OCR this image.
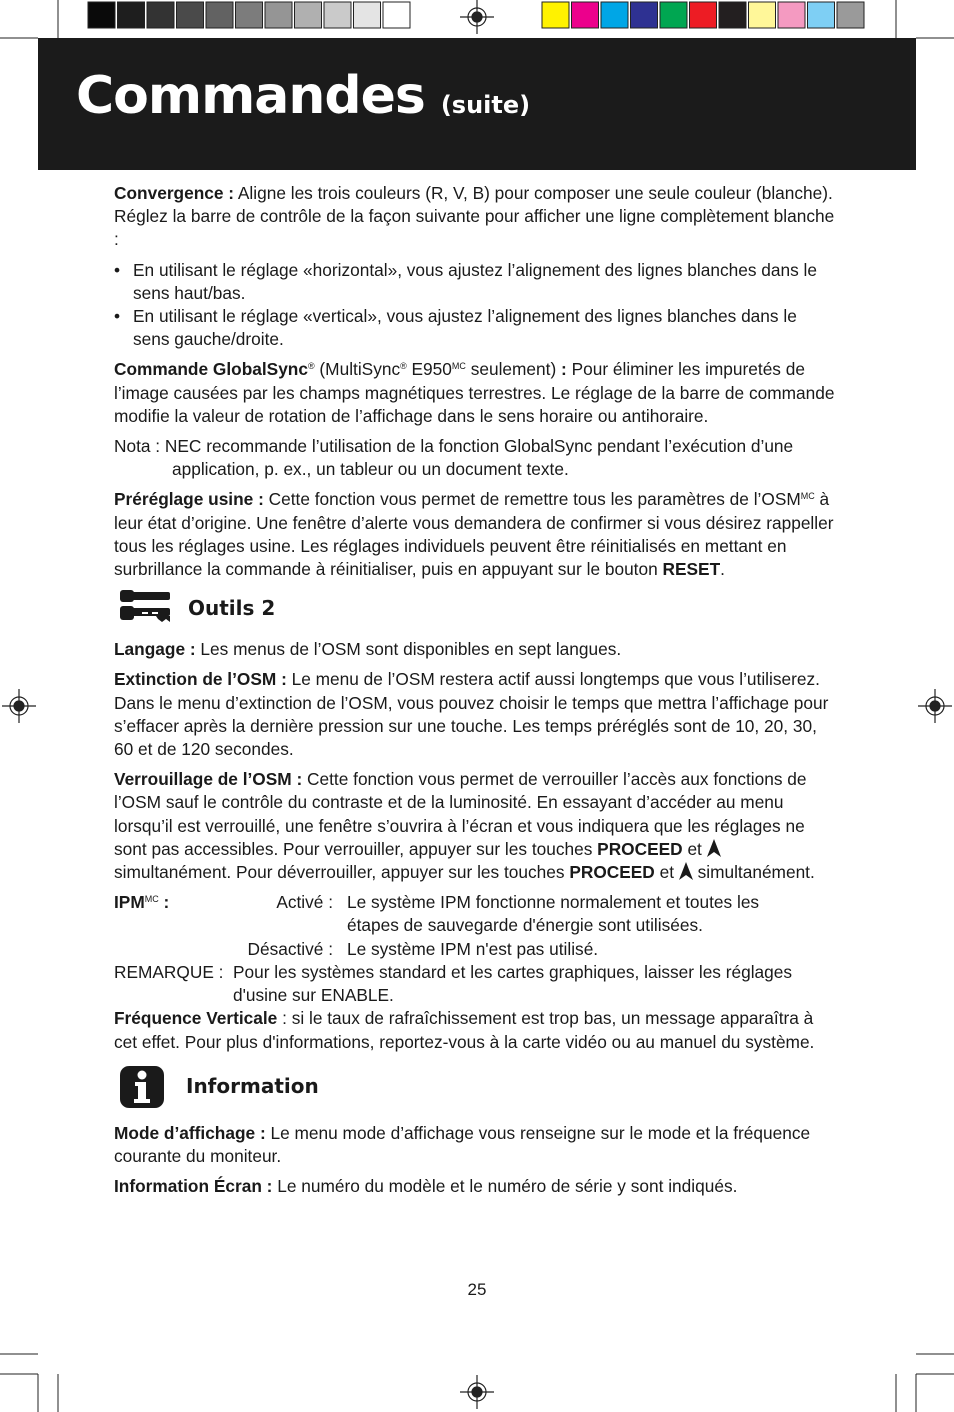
Commandes (suite)

Convergence : Aligne les trois couleurs (R, V, B) pour composer une seule couleur (blanche). Réglez la barre de contrôle de la façon suivante pour afficher une ligne complètement blanche :

• En utilisant le réglage «horizontal», vous ajustez l’alignement des lignes blanches dans le sens haut/bas.
• En utilisant le réglage «vertical», vous ajustez l’alignement des lignes blanches dans le sens gauche/droite.

Commande GlobalSync® (MultiSync® $E950^{MC}$ seulement) : Pour éliminer les impuretés de l’image causées par les champs magnétiques terrestres. Le réglage de la barre de commande modifie la valeur de rotation de l’affichage dans le sens horaire ou antihoraire.

Nota : NEC recommande l’utilisation de la fonction GlobalSync pendant l’exécution d’une application, p. ex., un tableur ou un document texte.

Préréglage usine : Cette fonction vous permet de remettre tous les paramètres de $l’OSM^{MC}$ à leur état d’origine. Une fenêtre d’alerte vous demandera de confirmer si vous désirez rappeller tous les réglages usine. Les réglages individuels peuvent être réinitialisés en mettant en surbrillance la commande à réinitialiser, puis en appuyant sur le bouton RESET.

Outils 2

Langage : Les menus de l’OSM sont disponibles en sept langues.

Extinction de l’OSM : Le menu de l’OSM restera actif aussi longtemps que vous l’utiliserez. Dans le menu d’extinction de l’OSM, vous pouvez choisir le temps que mettra l’affichage pour s’effacer après la dernière pression sur une touche. Les temps préréglés sont de 10, 20, 30, 60 et de 120 secondes.

Verrouillage de l’OSM : Cette fonction vous permet de verrouiller l’accès aux fonctions de l’OSM sauf le contrôle du contraste et de la luminosité. En essayant d’accéder au menu lorsqu’il est verrouillé, une fenêtre s’ouvrira à l’écran et vous indiquera que les réglages ne sont pas accessibles. Pour verrouiller, appuyer sur les touches PROCEED et  simultanément. Pour déverrouiller, appuyer sur les touches PROCEED et  simultanément.

$IPM^{MC}$ :	Activé : Le système IPM fonctionne normalement et toutes les étapes de sauvegarde d'énergie sont utilisées.
Désactivé : Le système IPM n'est pas utilisé.
REMARQUE : Pour les systèmes standard et les cartes graphiques, laisser les réglages d'usine sur ENABLE.

Fréquence Verticale : si le taux de rafraîchissement est trop bas, un message apparaîtra à cet effet. Pour plus d'informations, reportez-vous à la carte vidéo ou au manuel du système.

Information

Mode d’affichage : Le menu mode d’affichage vous renseigne sur le mode et la fréquence courante du moniteur.

Information Écran : Le numéro du modèle et le numéro de série y sont indiqués.

25
